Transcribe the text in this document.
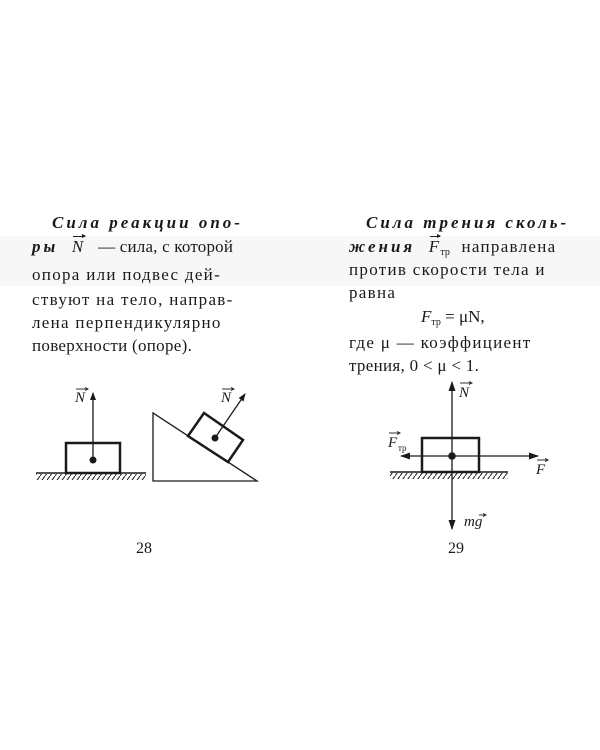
Сила реакции опо-
ры N — сила, с которой
опора или подвес дей-
ствуют на тело, направ-
лена перпендикулярно
поверхности (опоре).
28
N	N
Сила трения сколь-
жения $F_{тр}$ направлена
против скорости тела и
равна
$F_{тр} = \mu N$,
где μ — коэффициент
трения, 0 < μ < 1.
29
N
F тр
F
mg
